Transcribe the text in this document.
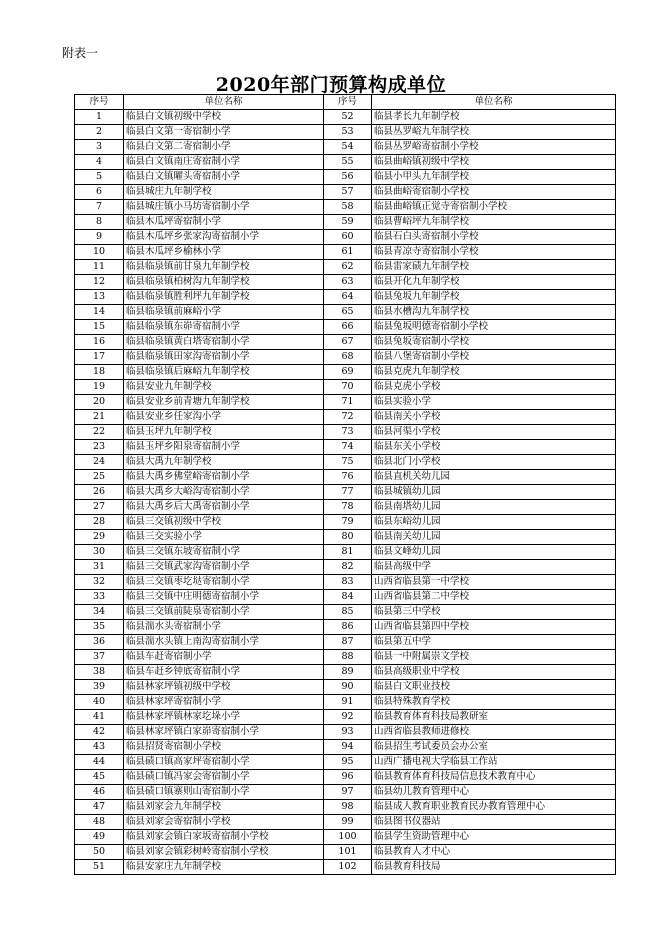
附表一
2020年部门预算构成单位
序号	单位名称	序号	单位名称
1	临县白文镇初级中学校	52	临县孝长九年制学校
2	临县白文第一寄宿制小学	53	临县丛罗峪九年制学校
3	临县白文第二寄宿制小学	54	临县丛罗峪寄宿制小学校
4	临县白文镇南庄寄宿制小学	55	临县曲峪镇初级中学校
5	临县白文镇曜头寄宿制小学	56	临县小甲头九年制学校
6	临县城庄九年制学校	57	临县曲峪寄宿制小学校
7	临县城庄镇小马坊寄宿制小学	58	临县曲峪镇正觉寺寄宿制小学校
8	临县木瓜坪寄宿制小学	59	临县曹峪坪九年制学校
9	临县木瓜坪乡张家沟寄宿制小学	60	临县石白头寄宿制小学校
10	临县木瓜坪乡榆林小学	61	临县青凉寺寄宿制小学校
11	临县临泉镇前甘泉九年制学校	62	临县雷家碛九年制学校
12	临县临泉镇柏树沟九年制学校	63	临县开化九年制学校
13	临县临泉镇胜利坪九年制学校	64	临县兔坂九年制学校
14	临县临泉镇前麻峪小学	65	临县水槽沟九年制学校
15	临县临泉镇东峁寄宿制小学	66	临县兔坂明德寄宿制小学校
16	临县临泉镇黄白塔寄宿制小学	67	临县兔坂寄宿制小学校
17	临县临泉镇田家沟寄宿制小学	68	临县八堡寄宿制小学校
18	临县临泉镇后麻峪九年制学校	69	临县克虎九年制学校
19	临县安业九年制学校	70	临县克虎小学校
20	临县安业乡前青塘九年制学校	71	临县实验小学
21	临县安业乡任家沟小学	72	临县南关小学校
22	临县玉坪九年制学校	73	临县河渠小学校
23	临县玉坪乡阳泉寄宿制小学	74	临县东关小学校
24	临县大禹九年制学校	75	临县北门小学校
25	临县大禹乡佛堂峪寄宿制小学	76	临县直机关幼儿园
26	临县大禹乡大峪沟寄宿制小学	77	临县城镇幼儿园
27	临县大禹乡后大禹寄宿制小学	78	临县南塔幼儿园
28	临县三交镇初级中学校	79	临县东峪幼儿园
29	临县三交实验小学	80	临县南关幼儿园
30	临县三交镇东坡寄宿制小学	81	临县文峰幼儿园
31	临县三交镇武家沟寄宿制小学	82	临县高级中学
32	临县三交镇枣圪垯寄宿制小学	83	山西省临县第一中学校
33	临县三交镇中庄明德寄宿制小学	84	山西省临县第二中学校
34	临县三交镇前陡泉寄宿制小学	85	临县第三中学校
35	临县湍水头寄宿制小学	86	山西省临县第四中学校
36	临县湍水头镇上南沟寄宿制小学	87	临县第五中学
37	临县车赶寄宿制小学	88	临县一中附属崇文学校
38	临县车赶乡钟底寄宿制小学	89	临县高级职业中学校
39	临县林家坪镇初级中学校	90	临县白文职业技校
40	临县林家坪寄宿制小学	91	临县特殊教育学校
41	临县林家坪镇林家圪垛小学	92	临县教育体育科技局教研室
42	临县林家坪镇白家峁寄宿制小学	93	山西省临县教师进修校
43	临县招贤寄宿制小学校	94	临县招生考试委员会办公室
44	临县碛口镇高家坪寄宿制小学	95	山西广播电视大学临县工作站
45	临县碛口镇冯家会寄宿制小学	96	临县教育体育科技局信息技术教育中心
46	临县碛口镇寨则山寄宿制小学	97	临县幼儿教育管理中心
47	临县刘家会九年制学校	98	临县成人教育职业教育民办教育管理中心
48	临县刘家会寄宿制小学校	99	临县图书仪器站
49	临县刘家会镇白家坂寄宿制小学校	100	临县学生资助管理中心
50	临县刘家会镇彩树岭寄宿制小学校	101	临县教育人才中心
51	临县安家庄九年制学校	102	临县教育科技局
